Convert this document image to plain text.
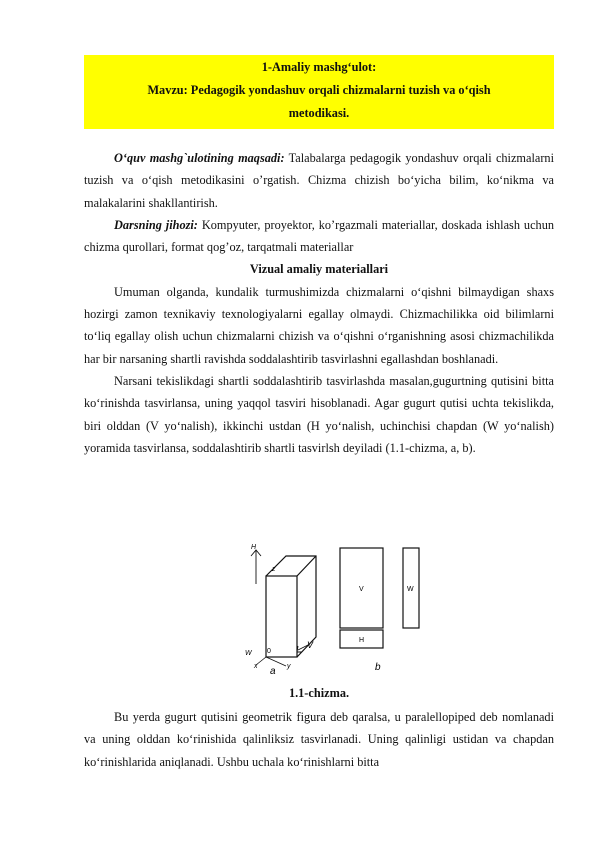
1-Amaliy mashg‘ulot:
Mavzu: Pedagogik yondashuv orqali chizmalarni tuzish va o‘qish
metodikasi.

O‘quv mashg`ulotining maqsadi: Talabalarga pedagogik yondashuv orqali chizmalarni tuzish va o‘qish metodikasini o’rgatish. Chizma chizish bo‘yicha bilim, ko‘nikma va malakalarini shakllantirish.

Darsning jihozi: Kompyuter, proyektor, ko’rgazmali materiallar, doskada ishlash uchun chizma qurollari, format qog’oz, tarqatmali materiallar

Vizual amaliy materiallari

Umuman olganda, kundalik turmushimizda chizmalarni o‘qishni bilmaydigan shaxs hozirgi zamon texnikaviy texnologiyalarni egallay olmaydi. Chizmachilikka oid bilimlarni to‘liq egallay olish uchun chizmalarni chizish va o‘qishni o‘rganishning asosi chizmachilikda har bir narsaning shartli ravishda soddalashtirib tasvirlashni egallashdan boshlanadi.

Narsani tekislikdagi shartli soddalashtirib tasvirlashda masalan,gugurtning qutisini bitta ko‘rinishda tasvirlansa, uning yaqqol tasviri hisoblanadi. Agar gugurt qutisi uchta tekislikda, biri olddan (V yo‘nalish), ikkinchi ustdan (H yo‘nalish, uchinchisi chapdan (W yo‘nalish) yoramida tasvirlansa, soddalashtirib shartli tasvirlsh deyiladi (1.1-chizma, a, b).

H
z
0
x	y
W
V
a
V	W
H
b

1.1-chizma.

Bu yerda gugurt qutisini geometrik figura deb qaralsa, u paralellopiped deb nomlanadi va uning olddan ko‘rinishida qalinliksiz tasvirlanadi. Uning qalinligi ustidan va chapdan ko‘rinishlarida aniqlanadi. Ushbu uchala ko‘rinishlarni bitta
